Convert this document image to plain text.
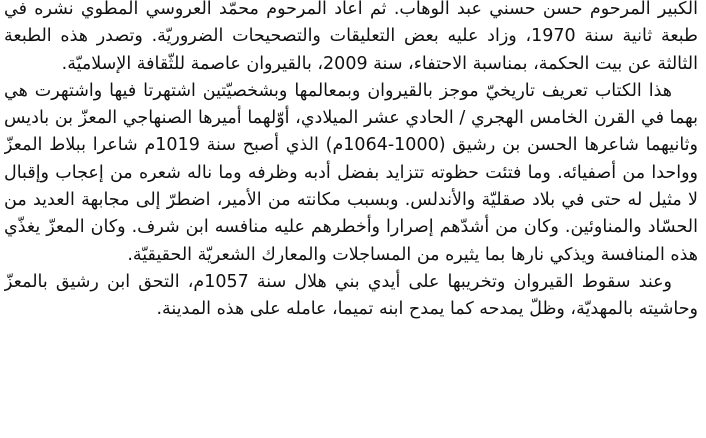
الكبير المرحوم حسن حسني عبد الوهاب. ثم أعاد المرحوم محمّد العروسي المطوي نشره في طبعة ثانية سنة 1970، وزاد عليه بعض التعليقات والتصحيحات الضروريّة. وتصدر هذه الطبعة الثالثة عن بيت الحكمة، بمناسبة الاحتفاء، سنة 2009، بالقيروان عاصمة للثّقافة الإسلاميّة.

هذا الكتاب تعريف تاريخيّ موجز بالقيروان وبمعالمها وبشخصيّتين اشتهرتا فيها واشتهرت هي بهما في القرن الخامس الهجري / الحادي عشر الميلادي، أوّلهما أميرها الصنهاجي المعزّ بن باديس وثانيهما شاعرها الحسن بن رشيق (1000-1064م) الذي أصبح سنة 1019م شاعرا ببلاط المعزّ وواحدا من أصفيائه. وما فتئت حظوته تتزايد بفضل أدبه وظرفه وما ناله شعره من إعجاب وإقبال لا مثيل له حتى في بلاد صقليّة والأندلس. وبسبب مكانته من الأمير، اضطرّ إلى مجابهة العديد من الحسّاد والمناوئين. وكان من أشدّهم إصرارا وأخطرهم عليه منافسه ابن شرف. وكان المعزّ يغذّي هذه المنافسة ويذكي نارها بما يثيره من المساجلات والمعارك الشعريّة الحقيقيّة.

وعند سقوط القيروان وتخريبها على أيدي بني هلال سنة 1057م، التحق ابن رشيق بالمعزّ وحاشيته بالمهديّة، وظلّ يمدحه كما يمدح ابنه تميما، عامله على هذه المدينة.
